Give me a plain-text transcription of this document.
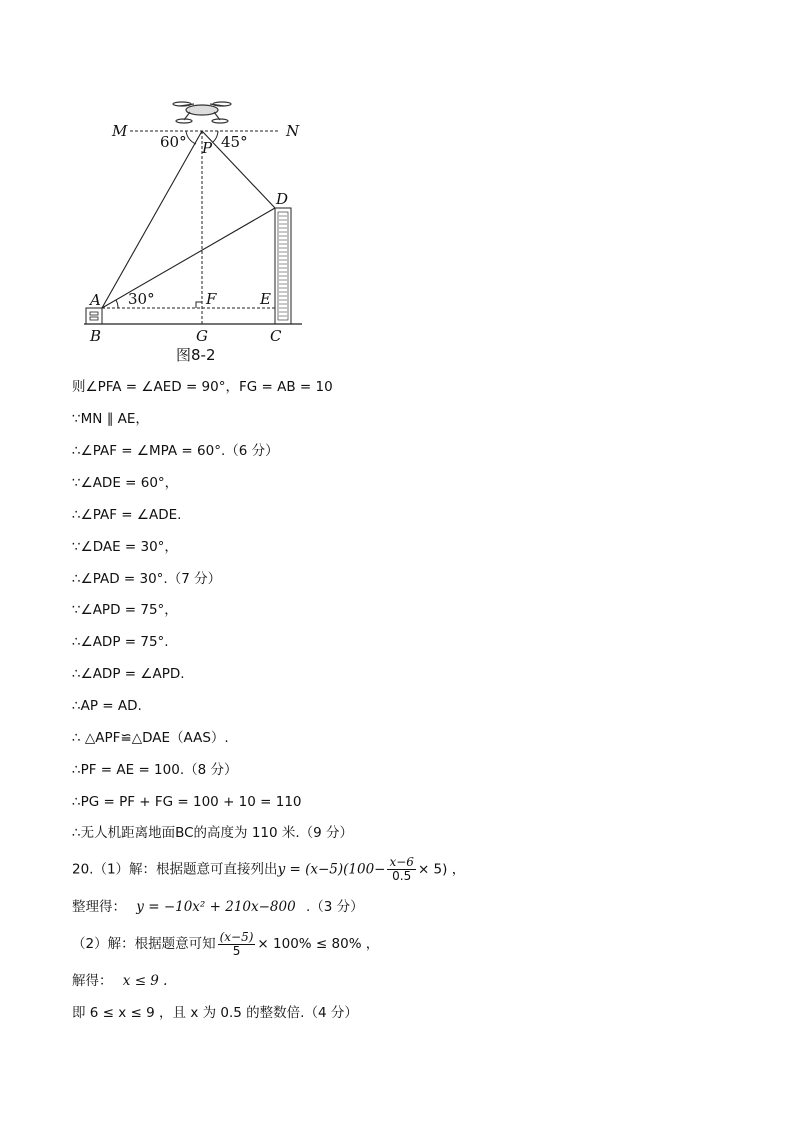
M	N
P
60° 45°
D
A 30°	F	E
B	G	C
图8-2
则∠PFA = ∠AED = 90°，FG = AB = 10
∵MN ∥ AE，
∴∠PAF = ∠MPA = 60°.（6 分）
∵∠ADE = 60°，
∴∠PAF = ∠ADE.
∵∠DAE = 30°，
∴∠PAD = 30°.（7 分）
∵∠APD = 75°，
∴∠ADP = 75°.
∴∠ADP = ∠APD.
∴AP = AD.
∴ △APF≌△DAE（AAS）.
∴PF = AE = 100.（8 分）
∴PG = PF + FG = 100 + 10 = 110
∴无人机距离地面BC的高度为 110 米.（9 分）
20.（1）解：根据题意可直接列出$y = (x-5)(100- \frac{x-6}{0.5} \times 5)$ ，
整理得： y = −10x² + 210x−800 .（3 分）
（2）解：根据题意可知 $\frac{(x-5)}{5} \times 100\% \le 80\%$ ，
解得： x ≤ 9 .
即 6 ≤ x ≤ 9 ，且 x 为 0.5 的整数倍.（4 分）
